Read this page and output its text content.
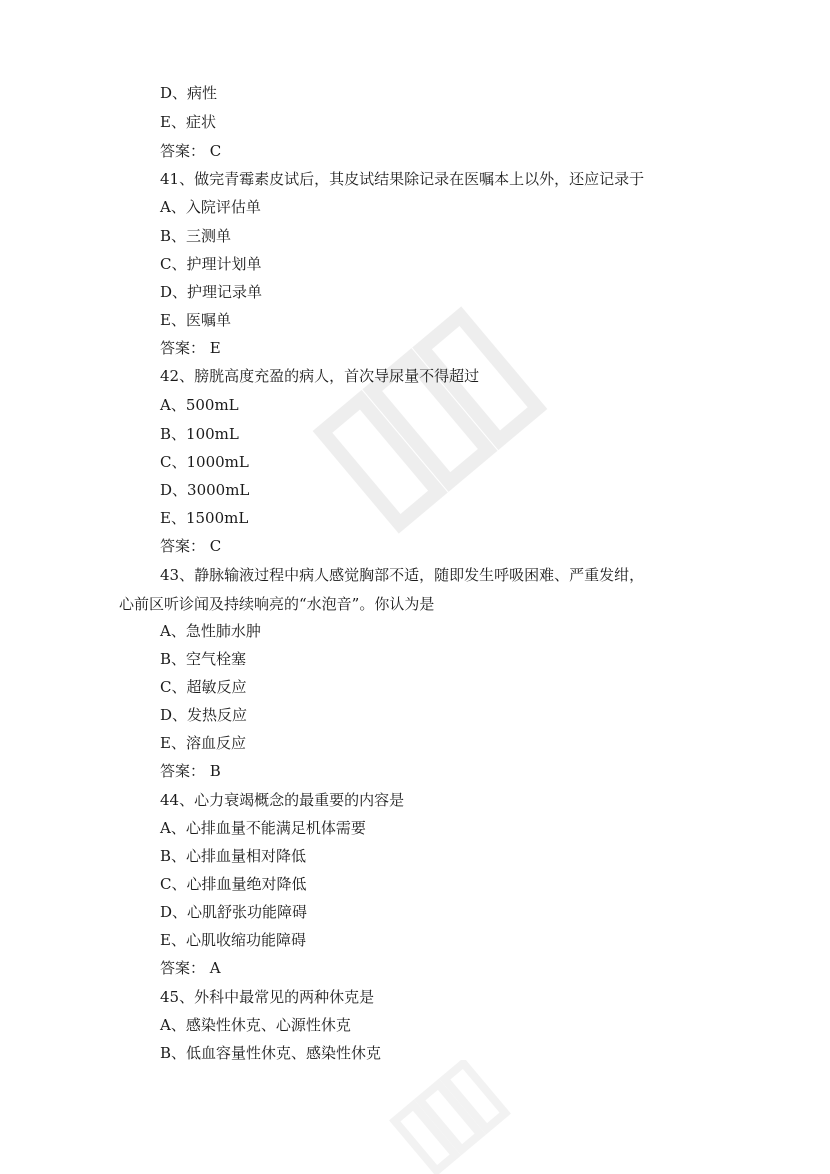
D、病性
E、症状
答案： C
41、做完青霉素皮试后，其皮试结果除记录在医嘱本上以外，还应记录于
A、入院评估单
B、三测单
C、护理计划单
D、护理记录单
E、医嘱单
答案： E
42、膀胱高度充盈的病人，首次导尿量不得超过
A、500mL
B、100mL
C、1000mL
D、3000mL
E、1500mL
答案： C
43、静脉输液过程中病人感觉胸部不适，随即发生呼吸困难、严重发绀，
心前区听诊闻及持续响亮的“水泡音”。你认为是
A、急性肺水肿
B、空气栓塞
C、超敏反应
D、发热反应
E、溶血反应
答案： B
44、心力衰竭概念的最重要的内容是
A、心排血量不能满足机体需要
B、心排血量相对降低
C、心排血量绝对降低
D、心肌舒张功能障碍
E、心肌收缩功能障碍
答案： A
45、外科中最常见的两种休克是
A、感染性休克、心源性休克
B、低血容量性休克、感染性休克
